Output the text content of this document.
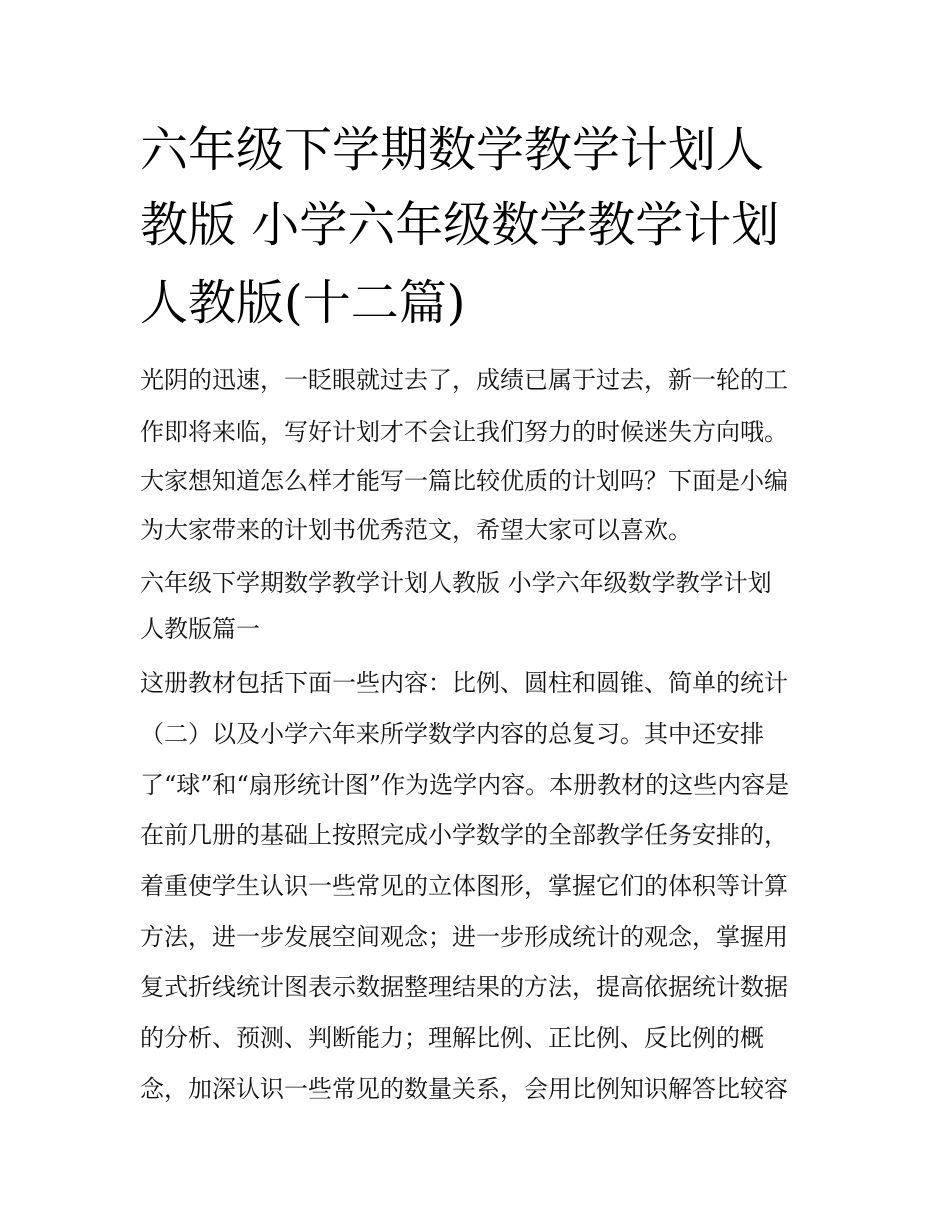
六年级下学期数学教学计划人
教版 小学六年级数学教学计划
人教版(十二篇)
光阴的迅速，一眨眼就过去了，成绩已属于过去，新一轮的工
作即将来临，写好计划才不会让我们努力的时候迷失方向哦。
大家想知道怎么样才能写一篇比较优质的计划吗？下面是小编
为大家带来的计划书优秀范文，希望大家可以喜欢。
六年级下学期数学教学计划人教版 小学六年级数学教学计划
人教版篇一
这册教材包括下面一些内容：比例、圆柱和圆锥、简单的统计
（二）以及小学六年来所学数学内容的总复习。其中还安排
了“球”和“扇形统计图”作为选学内容。本册教材的这些内容是
在前几册的基础上按照完成小学数学的全部教学任务安排的，
着重使学生认识一些常见的立体图形，掌握它们的体积等计算
方法，进一步发展空间观念；进一步形成统计的观念，掌握用
复式折线统计图表示数据整理结果的方法，提高依据统计数据
的分析、预测、判断能力；理解比例、正比例、反比例的概
念，加深认识一些常见的数量关系，会用比例知识解答比较容
